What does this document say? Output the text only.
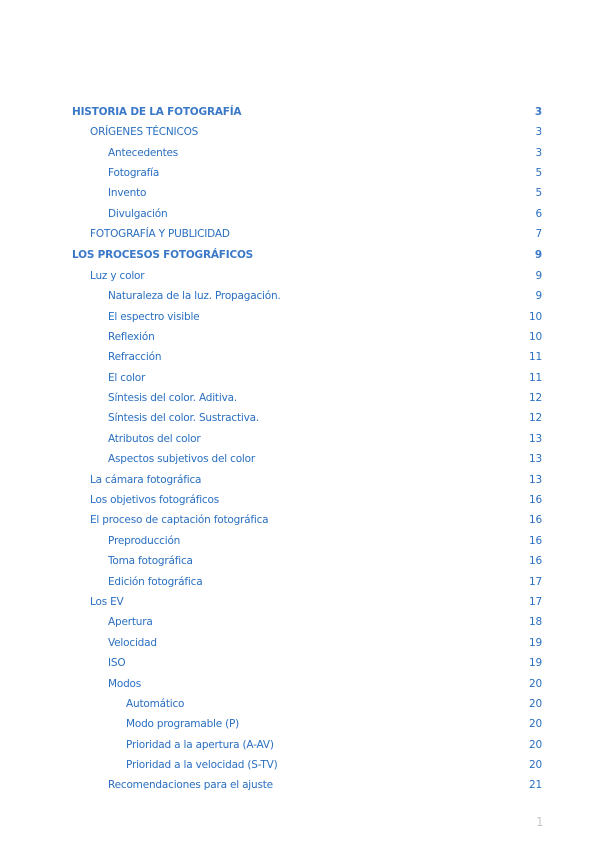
HISTORIA DE LA FOTOGRAFÍA	3
ORÍGENES TÉCNICOS	3
Antecedentes	3
Fotografía	5
Invento	5
Divulgación	6
FOTOGRAFÍA Y PUBLICIDAD	7
LOS PROCESOS FOTOGRÁFICOS	9
Luz y color	9
Naturaleza de la luz. Propagación.	9
El espectro visible	10
Reflexión	10
Refracción	11
El color	11
Síntesis del color. Aditiva.	12
Síntesis del color. Sustractiva.	12
Atributos del color	13
Aspectos subjetivos del color	13
La cámara fotográfica	13
Los objetivos fotográficos	16
El proceso de captación fotográfica	16
Preproducción	16
Toma fotográfica	16
Edición fotográfica	17
Los EV	17
Apertura	18
Velocidad	19
ISO	19
Modos	20
Automático	20
Modo programable (P)	20
Prioridad a la apertura (A-AV)	20
Prioridad a la velocidad (S-TV)	20
Recomendaciones para el ajuste	21
1
